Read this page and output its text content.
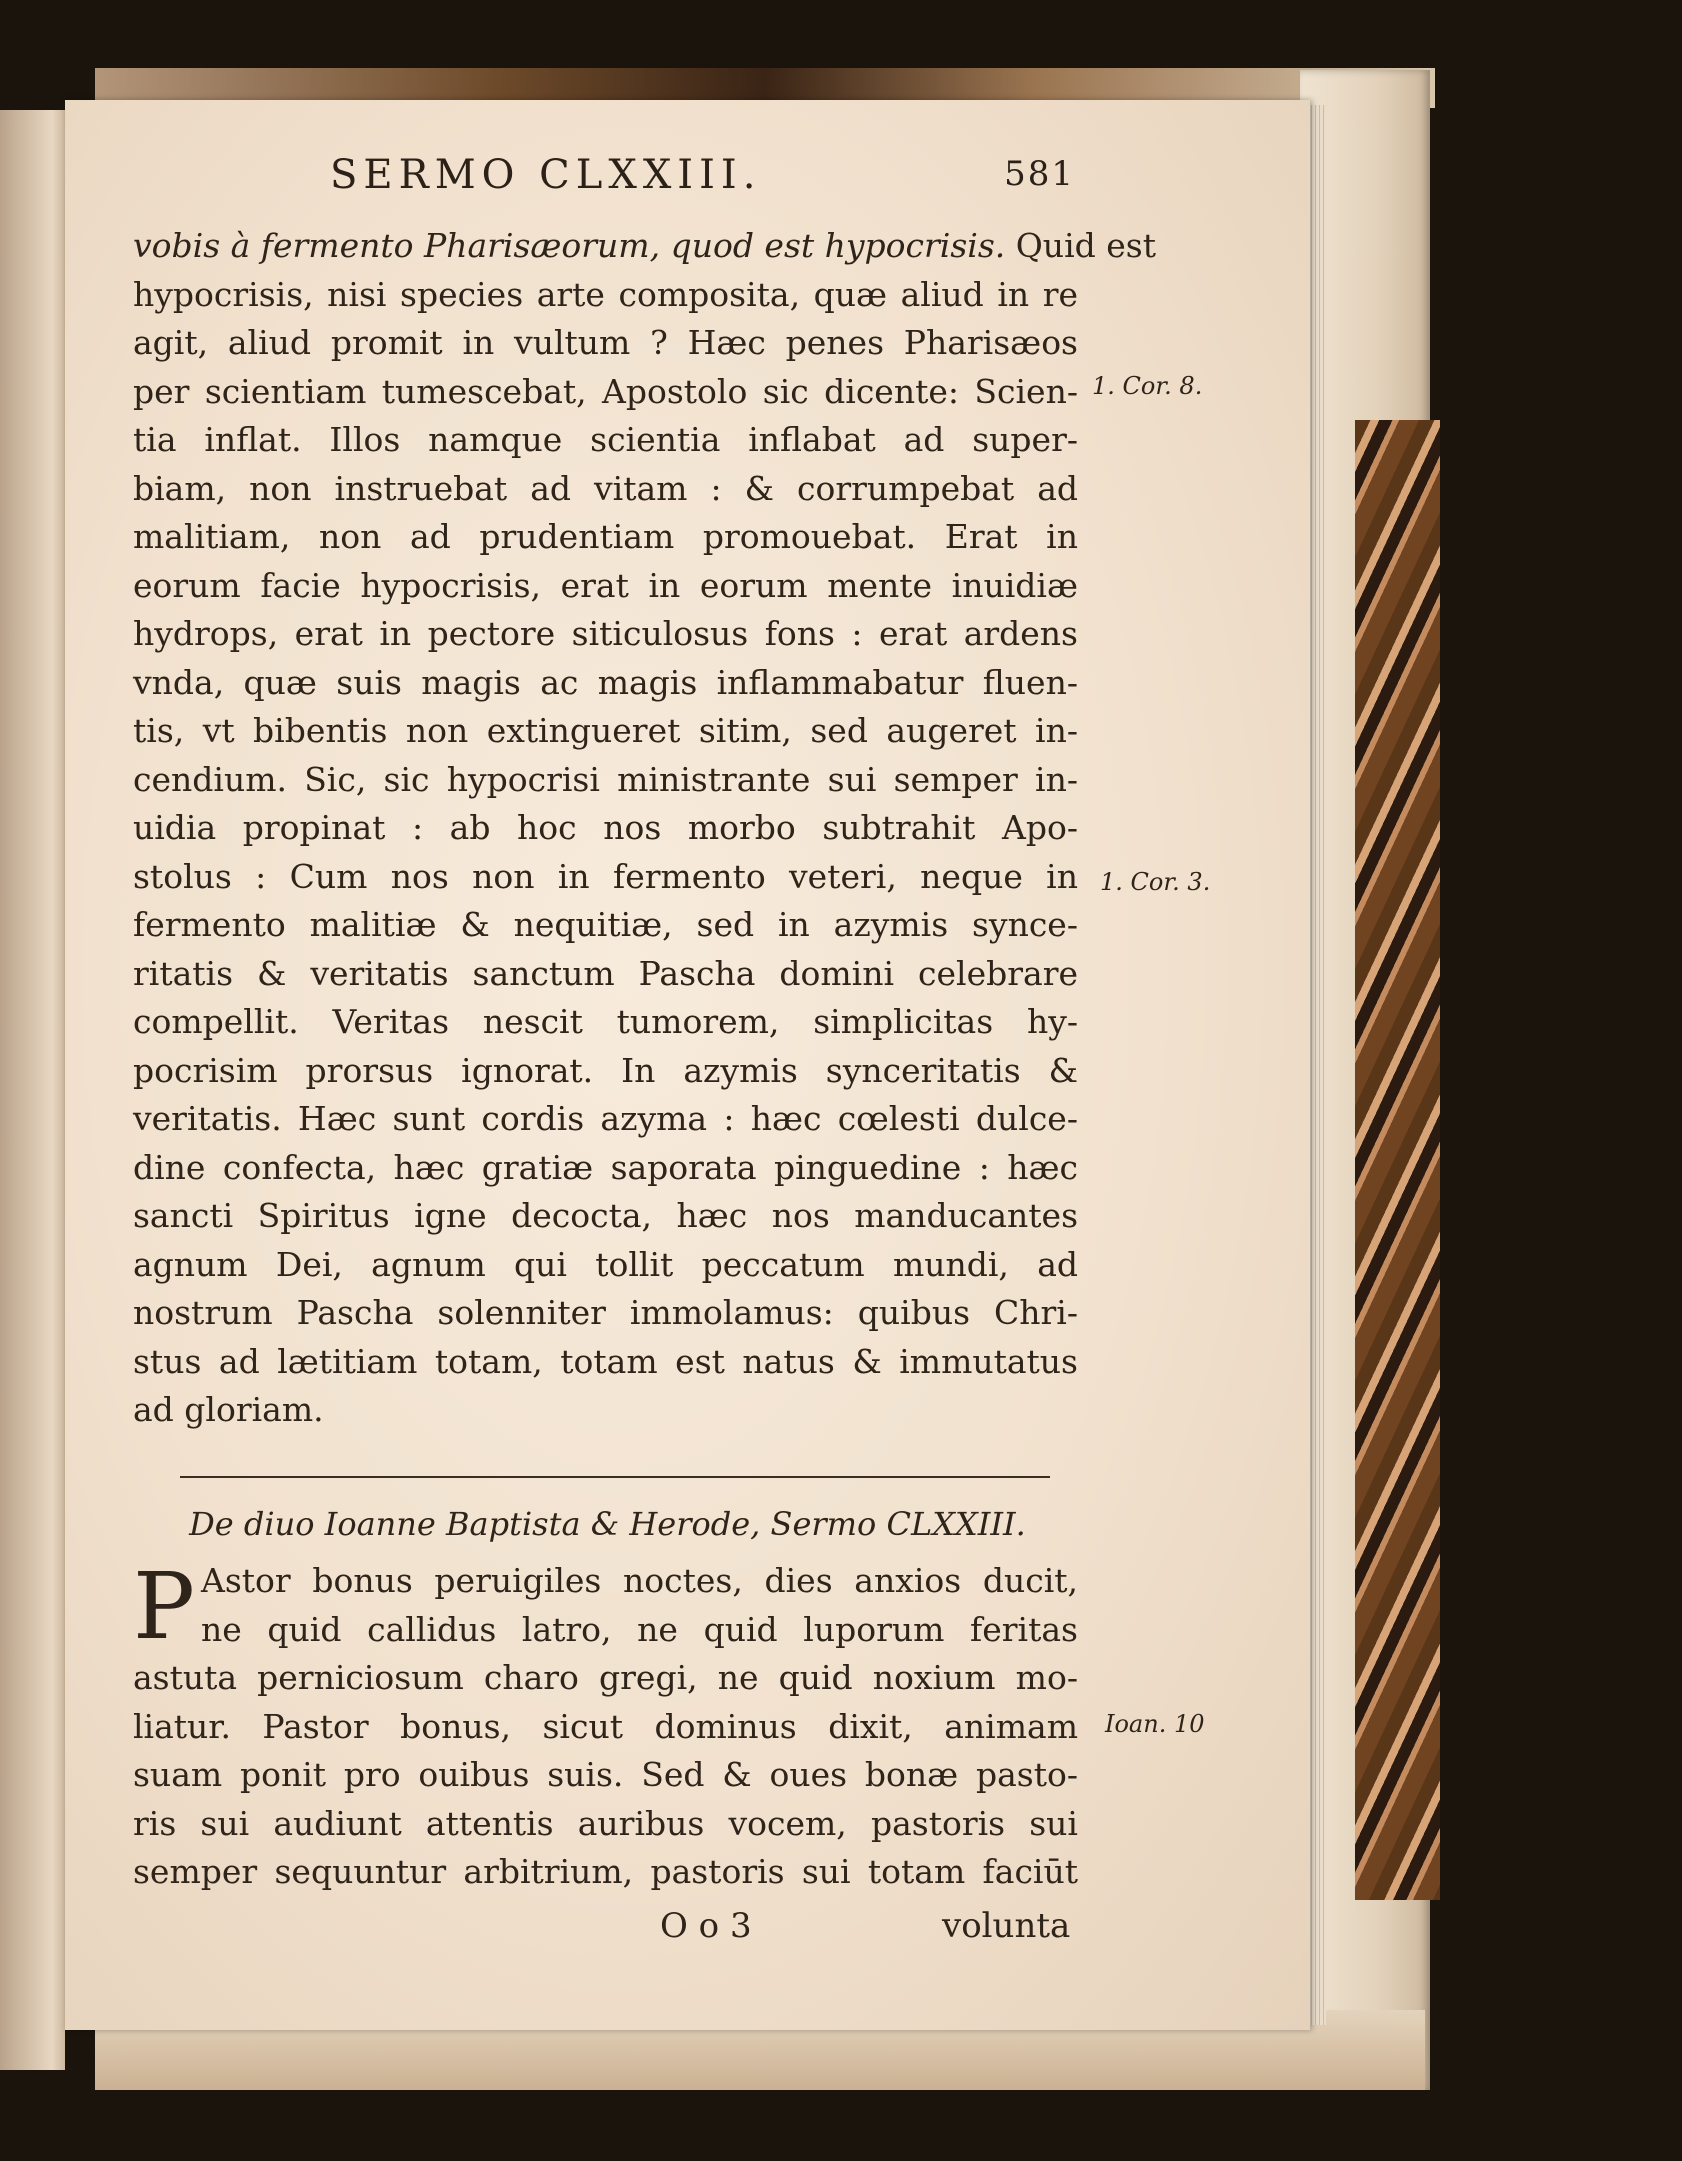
SERMO CLXXIII.	581
vobis à fermento Pharisæorum, quod est hypocrisis. Quid est
hypocrisis, nisi species arte composita, quæ aliud in re
agit, aliud promit in vultum ? Hæc penes Pharisæos
per scientiam tumescebat, Apostolo sic dicente: Scien-
tia inflat. Illos namque scientia inflabat ad super-
biam, non instruebat ad vitam : & corrumpebat ad
malitiam, non ad prudentiam promouebat. Erat in
eorum facie hypocrisis, erat in eorum mente inuidiæ
hydrops, erat in pectore siticulosus fons : erat ardens
vnda, quæ suis magis ac magis inflammabatur fluen-
tis, vt bibentis non extingueret sitim, sed augeret in-
cendium. Sic, sic hypocrisi ministrante sui semper in-
uidia propinat : ab hoc nos morbo subtrahit Apo-
stolus : Cum nos non in fermento veteri, neque in
fermento malitiæ & nequitiæ, sed in azymis synce-
ritatis & veritatis sanctum Pascha domini celebrare
compellit. Veritas nescit tumorem, simplicitas hy-
pocrisim prorsus ignorat. In azymis synceritatis &
veritatis. Hæc sunt cordis azyma : hæc cœlesti dulce-
dine confecta, hæc gratiæ saporata pinguedine : hæc
sancti Spiritus igne decocta, hæc nos manducantes
agnum Dei, agnum qui tollit peccatum mundi, ad
nostrum Pascha solenniter immolamus: quibus Chri-
stus ad lætitiam totam, totam est natus & immutatus
ad gloriam.
1. Cor. 8.
1. Cor. 3.
Ioan. 10
De diuo Ioanne Baptista & Herode, Sermo CLXXIII.
P Astor bonus peruigiles noctes, dies anxios ducit,
ne quid callidus latro, ne quid luporum feritas
astuta perniciosum charo gregi, ne quid noxium mo-
liatur. Pastor bonus, sicut dominus dixit, animam
suam ponit pro ouibus suis. Sed & oues bonæ pasto-
ris sui audiunt attentis auribus vocem, pastoris sui
semper sequuntur arbitrium, pastoris sui totam faciūt
O o 3	volunta
